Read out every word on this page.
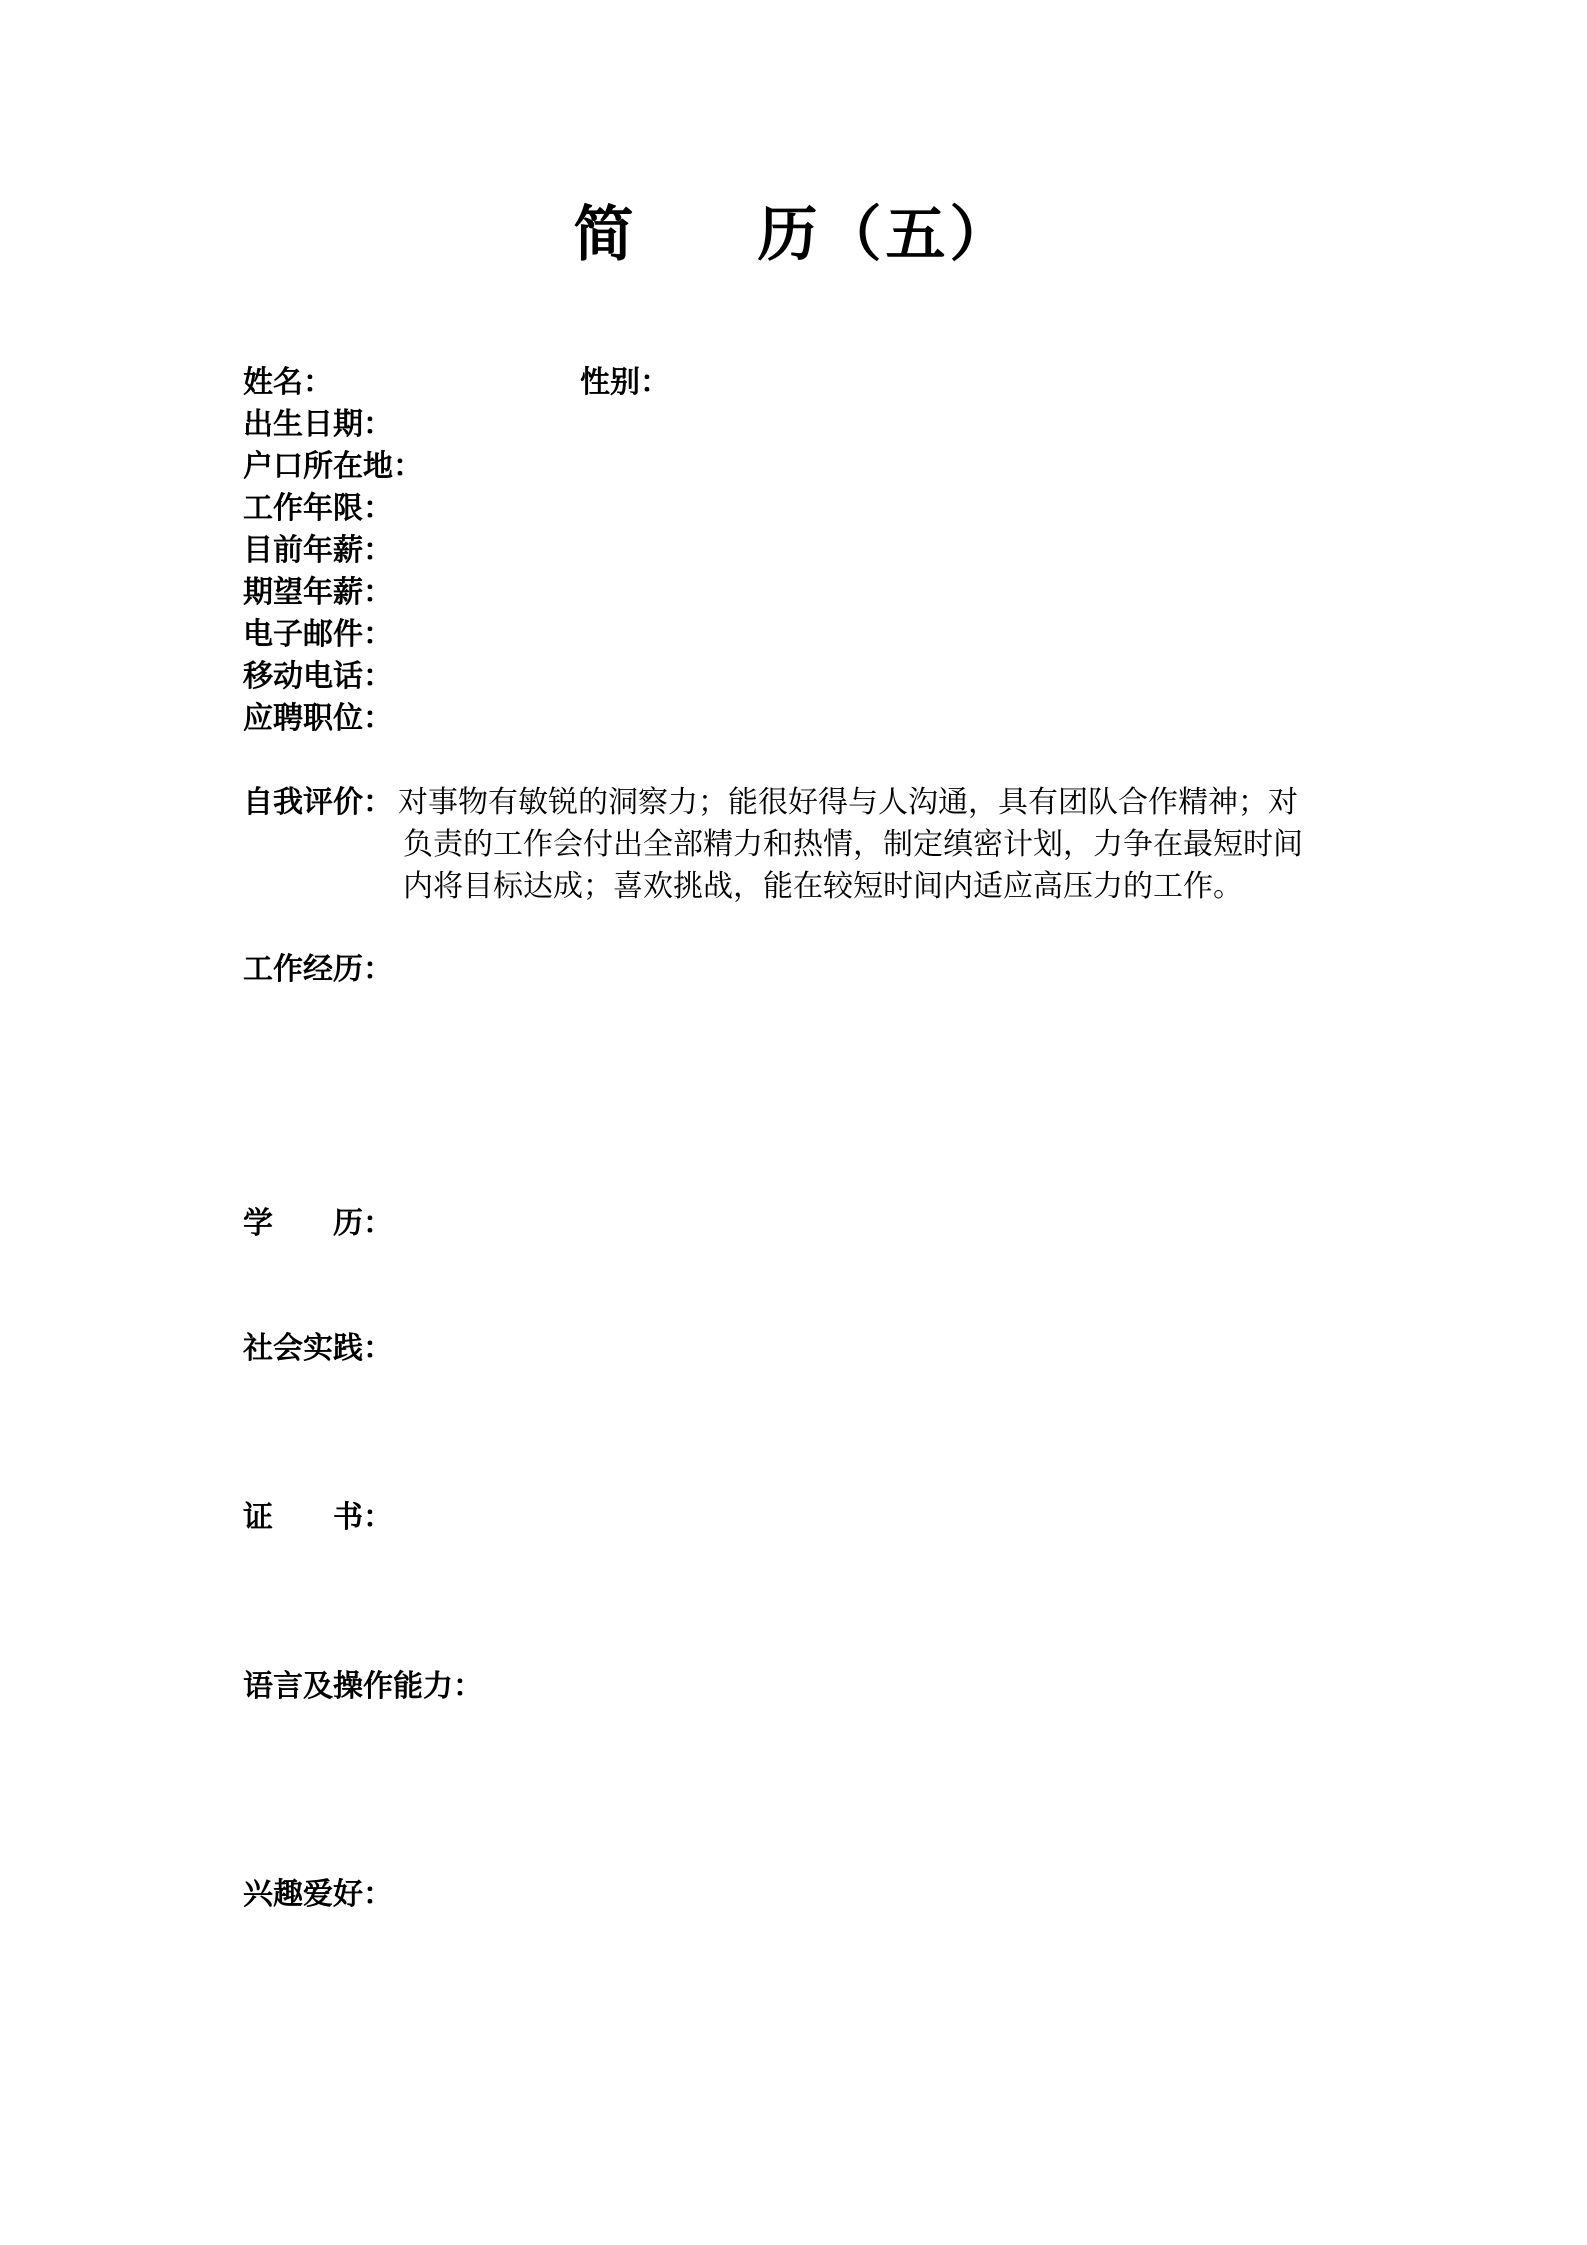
简 历（五）
姓名：	性别：
出生日期：
户口所在地：
工作年限：
目前年薪：
期望年薪：
电子邮件：
移动电话：
应聘职位：
自我评价： 对事物有敏锐的洞察力；能很好得与人沟通，具有团队合作精神；对
负责的工作会付出全部精力和热情，制定缜密计划，力争在最短时间
内将目标达成；喜欢挑战，能在较短时间内适应高压力的工作。
工作经历：
学 历：
社会实践：
证 书：
语言及操作能力：
兴趣爱好：
